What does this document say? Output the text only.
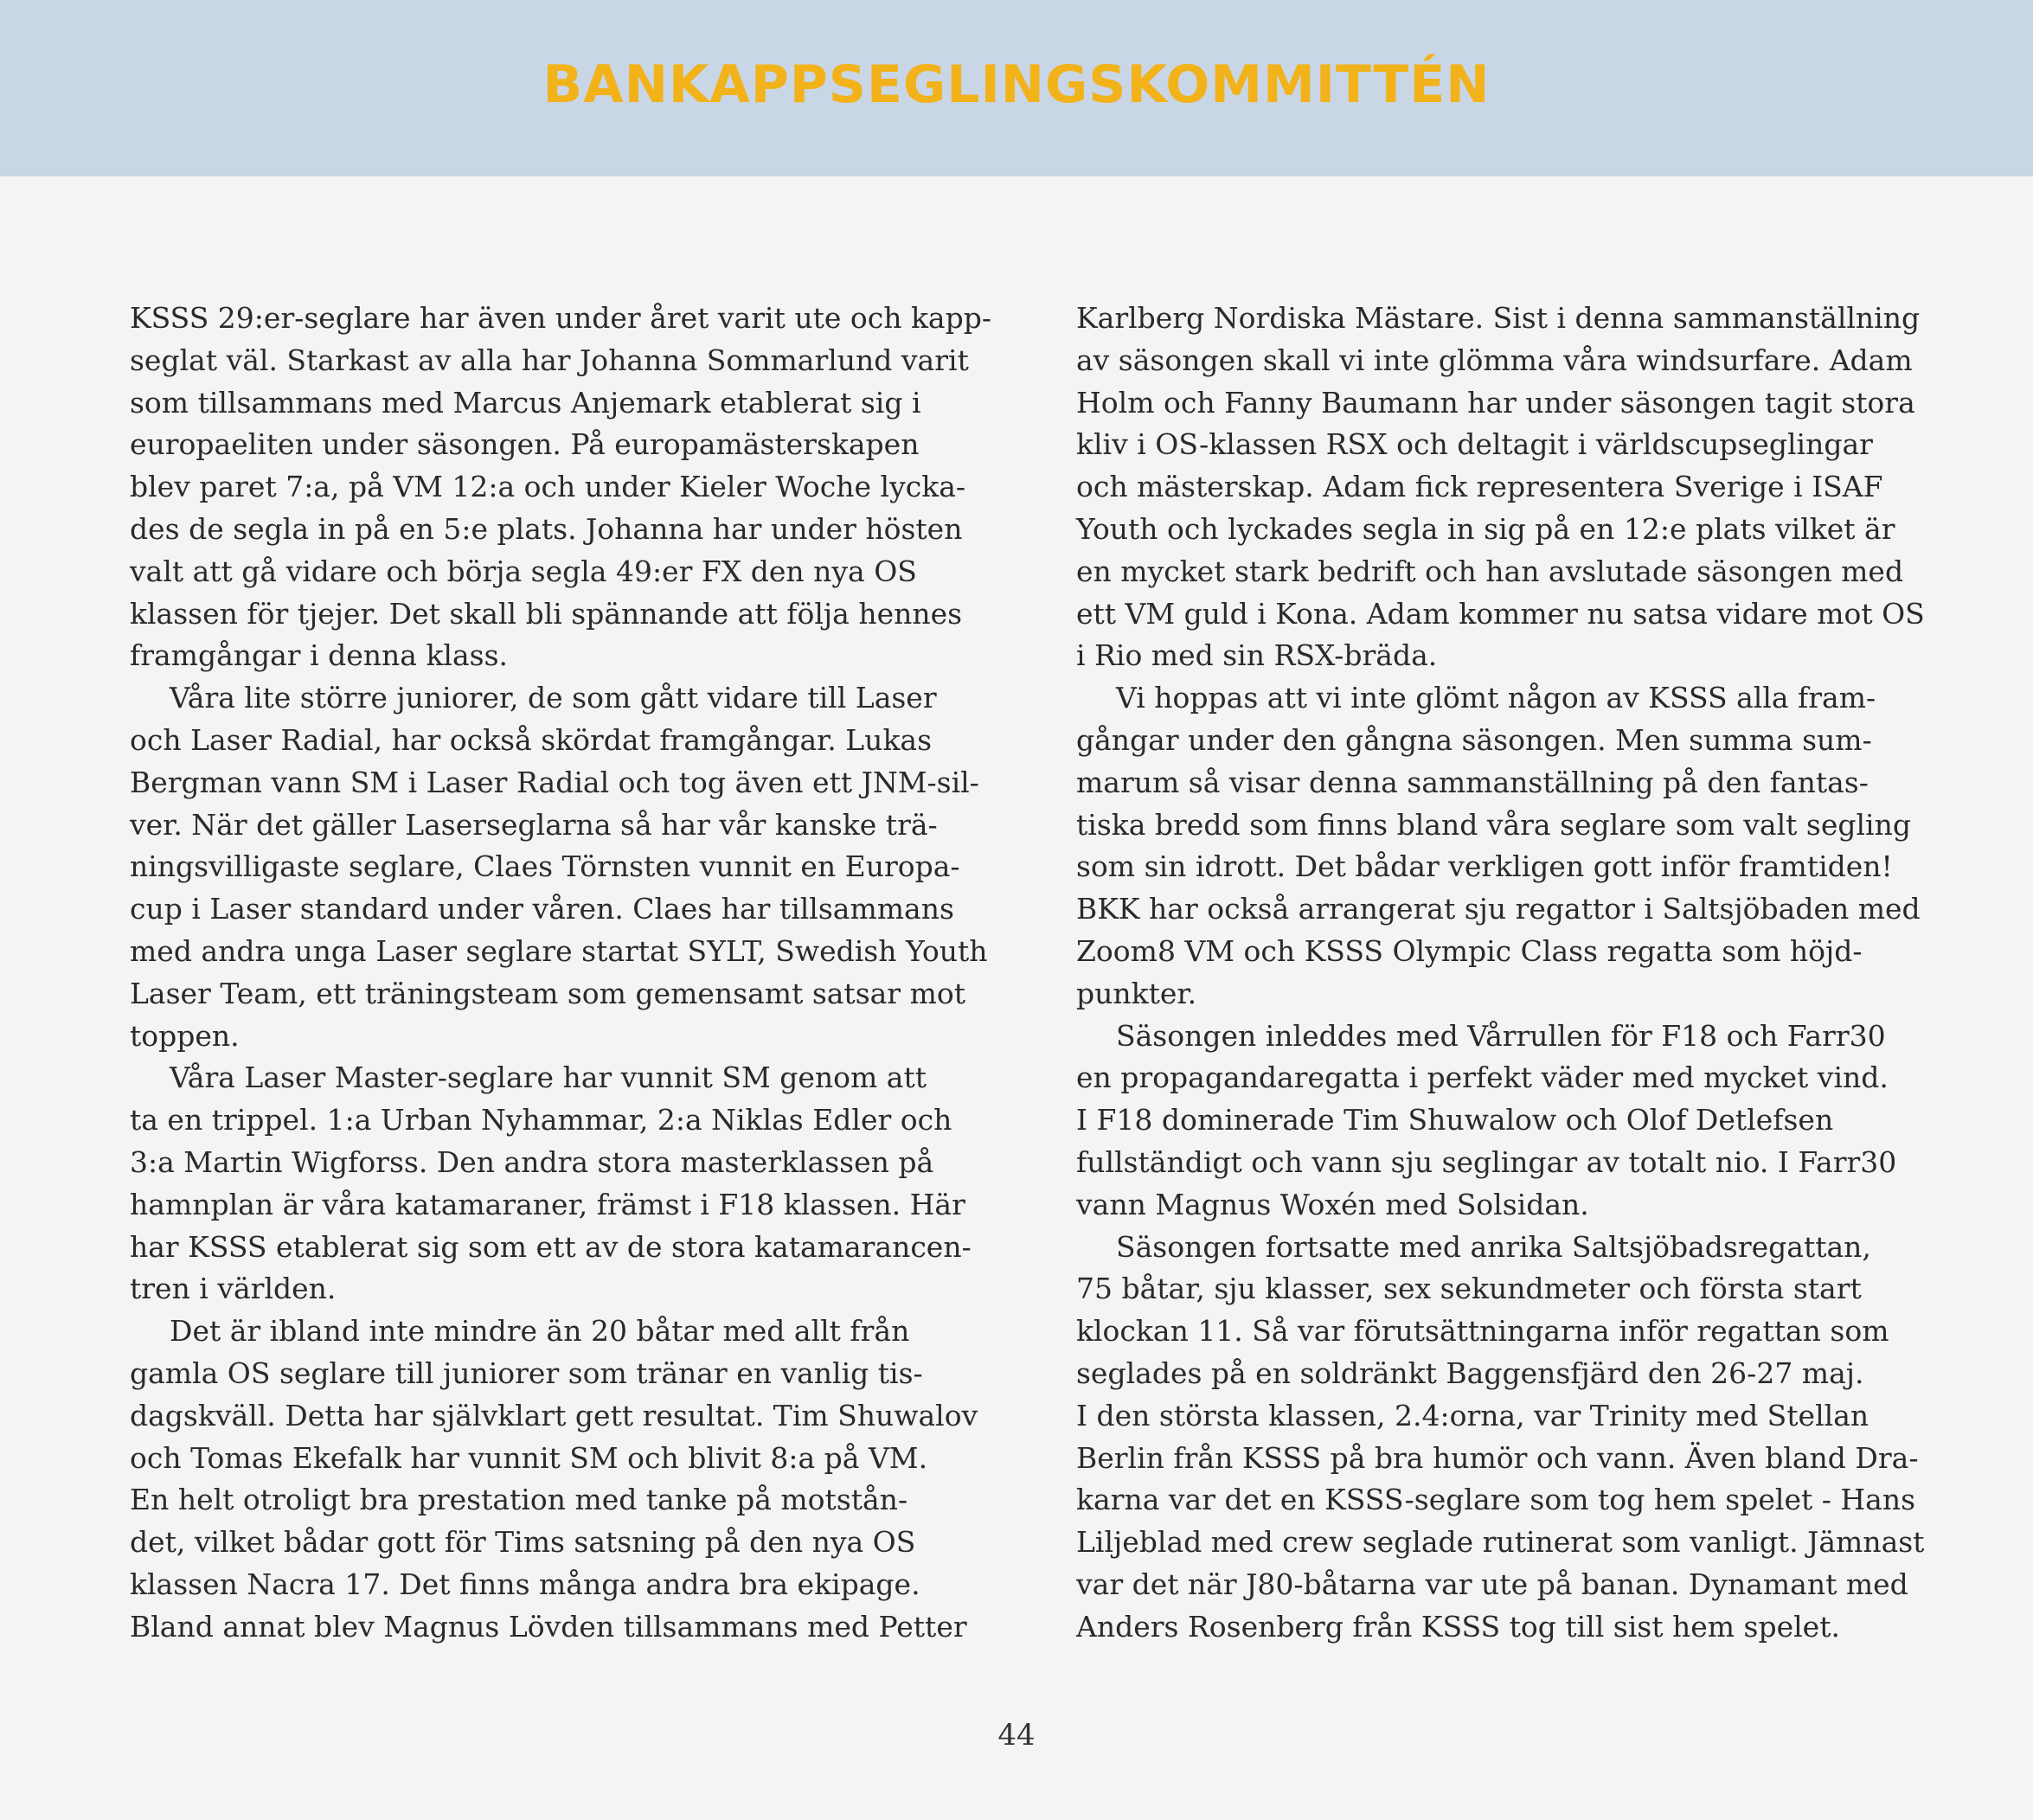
BANKAPPSEGLINGSKOMMITTÉN
KSSS 29:er-seglare har även under året varit ute och kapp-
seglat väl. Starkast av alla har Johanna Sommarlund varit
som tillsammans med Marcus Anjemark etablerat sig i
europaeliten under säsongen. På europamästerskapen
blev paret 7:a, på VM 12:a och under Kieler Woche lycka-
des de segla in på en 5:e plats. Johanna har under hösten
valt att gå vidare och börja segla 49:er FX den nya OS
klassen för tjejer. Det skall bli spännande att följa hennes
framgångar i denna klass.
Våra lite större juniorer, de som gått vidare till Laser
och Laser Radial, har också skördat framgångar. Lukas
Bergman vann SM i Laser Radial och tog även ett JNM-sil-
ver. När det gäller Laserseglarna så har vår kanske trä-
ningsvilligaste seglare, Claes Törnsten vunnit en Europa-
cup i Laser standard under våren. Claes har tillsammans
med andra unga Laser seglare startat SYLT, Swedish Youth
Laser Team, ett träningsteam som gemensamt satsar mot
toppen.
Våra Laser Master-seglare har vunnit SM genom att
ta en trippel. 1:a Urban Nyhammar, 2:a Niklas Edler och
3:a Martin Wigforss. Den andra stora masterklassen på
hamnplan är våra katamaraner, främst i F18 klassen. Här
har KSSS etablerat sig som ett av de stora katamarancen-
tren i världen.
Det är ibland inte mindre än 20 båtar med allt från
gamla OS seglare till juniorer som tränar en vanlig tis-
dagskväll. Detta har självklart gett resultat. Tim Shuwalov
och Tomas Ekefalk har vunnit SM och blivit 8:a på VM.
En helt otroligt bra prestation med tanke på motstån-
det, vilket bådar gott för Tims satsning på den nya OS
klassen Nacra 17. Det finns många andra bra ekipage.
Bland annat blev Magnus Lövden tillsammans med Petter
Karlberg Nordiska Mästare. Sist i denna sammanställning
av säsongen skall vi inte glömma våra windsurfare. Adam
Holm och Fanny Baumann har under säsongen tagit stora
kliv i OS-klassen RSX och deltagit i världscupseglingar
och mästerskap. Adam fick representera Sverige i ISAF
Youth och lyckades segla in sig på en 12:e plats vilket är
en mycket stark bedrift och han avslutade säsongen med
ett VM guld i Kona. Adam kommer nu satsa vidare mot OS
i Rio med sin RSX-bräda.
Vi hoppas att vi inte glömt någon av KSSS alla fram-
gångar under den gångna säsongen. Men summa sum-
marum så visar denna sammanställning på den fantas-
tiska bredd som finns bland våra seglare som valt segling
som sin idrott. Det bådar verkligen gott inför framtiden!
BKK har också arrangerat sju regattor i Saltsjöbaden med
Zoom8 VM och KSSS Olympic Class regatta som höjd-
punkter.
Säsongen inleddes med Vårrullen för F18 och Farr30
en propagandaregatta i perfekt väder med mycket vind.
I F18 dominerade Tim Shuwalow och Olof Detlefsen
fullständigt och vann sju seglingar av totalt nio. I Farr30
vann Magnus Woxén med Solsidan.
Säsongen fortsatte med anrika Saltsjöbadsregattan,
75 båtar, sju klasser, sex sekundmeter och första start
klockan 11. Så var förutsättningarna inför regattan som
seglades på en soldränkt Baggensfjärd den 26-27 maj.
I den största klassen, 2.4:orna, var Trinity med Stellan
Berlin från KSSS på bra humör och vann. Även bland Dra-
karna var det en KSSS-seglare som tog hem spelet - Hans
Liljeblad med crew seglade rutinerat som vanligt. Jämnast
var det när J80-båtarna var ute på banan. Dynamant med
Anders Rosenberg från KSSS tog till sist hem spelet.
44
